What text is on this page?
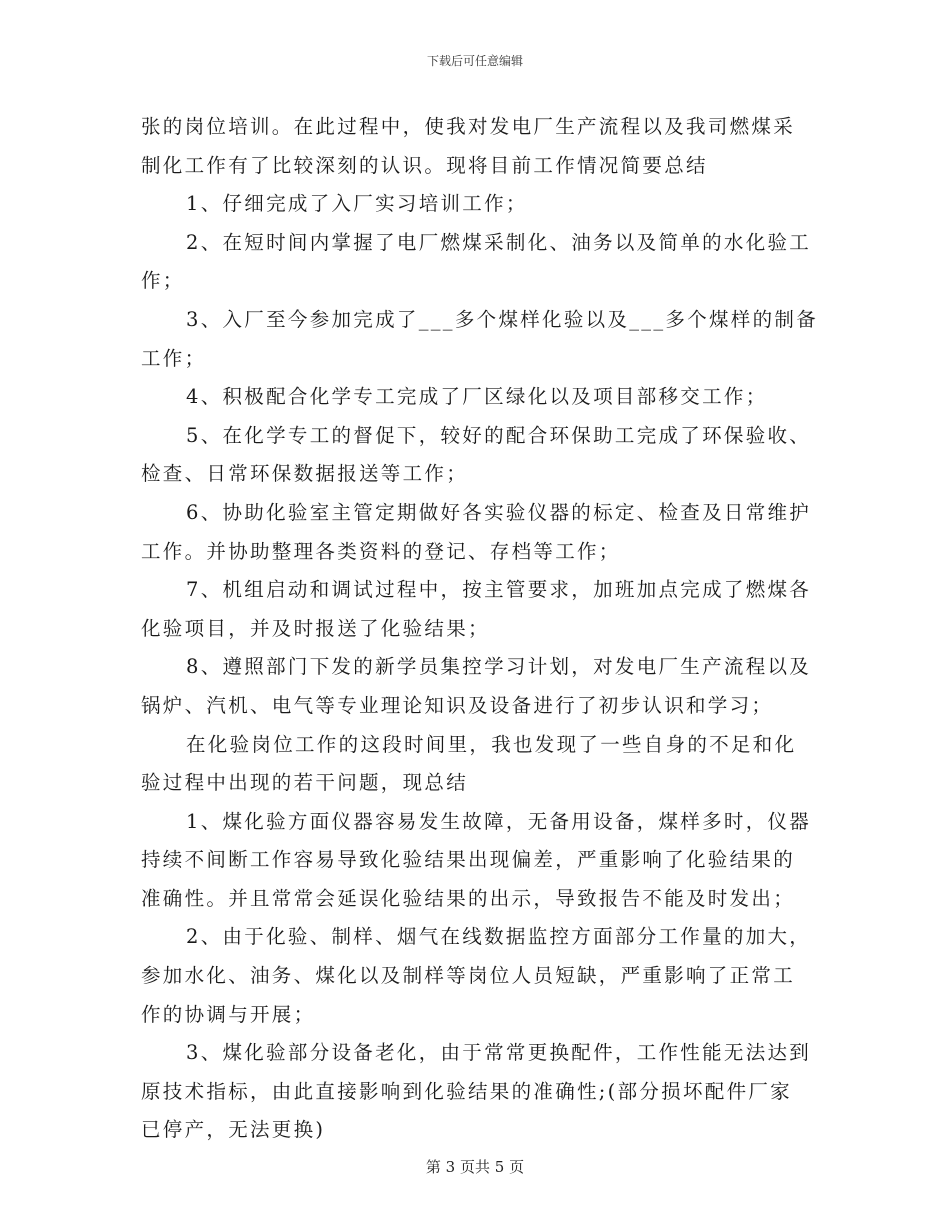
下载后可任意编辑
张的岗位培训。在此过程中，使我对发电厂生产流程以及我司燃煤采
制化工作有了比较深刻的认识。现将目前工作情况简要总结
1、仔细完成了入厂实习培训工作；
2、在短时间内掌握了电厂燃煤采制化、油务以及简单的水化验工
作；
3、入厂至今参加完成了___多个煤样化验以及___多个煤样的制备
工作；
4、积极配合化学专工完成了厂区绿化以及项目部移交工作；
5、在化学专工的督促下，较好的配合环保助工完成了环保验收、
检查、日常环保数据报送等工作；
6、协助化验室主管定期做好各实验仪器的标定、检查及日常维护
工作。并协助整理各类资料的登记、存档等工作；
7、机组启动和调试过程中，按主管要求，加班加点完成了燃煤各
化验项目，并及时报送了化验结果；
8、遵照部门下发的新学员集控学习计划，对发电厂生产流程以及
锅炉、汽机、电气等专业理论知识及设备进行了初步认识和学习；
在化验岗位工作的这段时间里，我也发现了一些自身的不足和化
验过程中出现的若干问题，现总结
1、煤化验方面仪器容易发生故障，无备用设备，煤样多时，仪器
持续不间断工作容易导致化验结果出现偏差，严重影响了化验结果的
准确性。并且常常会延误化验结果的出示，导致报告不能及时发出；
2、由于化验、制样、烟气在线数据监控方面部分工作量的加大，
参加水化、油务、煤化以及制样等岗位人员短缺，严重影响了正常工
作的协调与开展；
3、煤化验部分设备老化，由于常常更换配件，工作性能无法达到
原技术指标，由此直接影响到化验结果的准确性;(部分损坏配件厂家
已停产，无法更换)
第 3 页共 5 页
